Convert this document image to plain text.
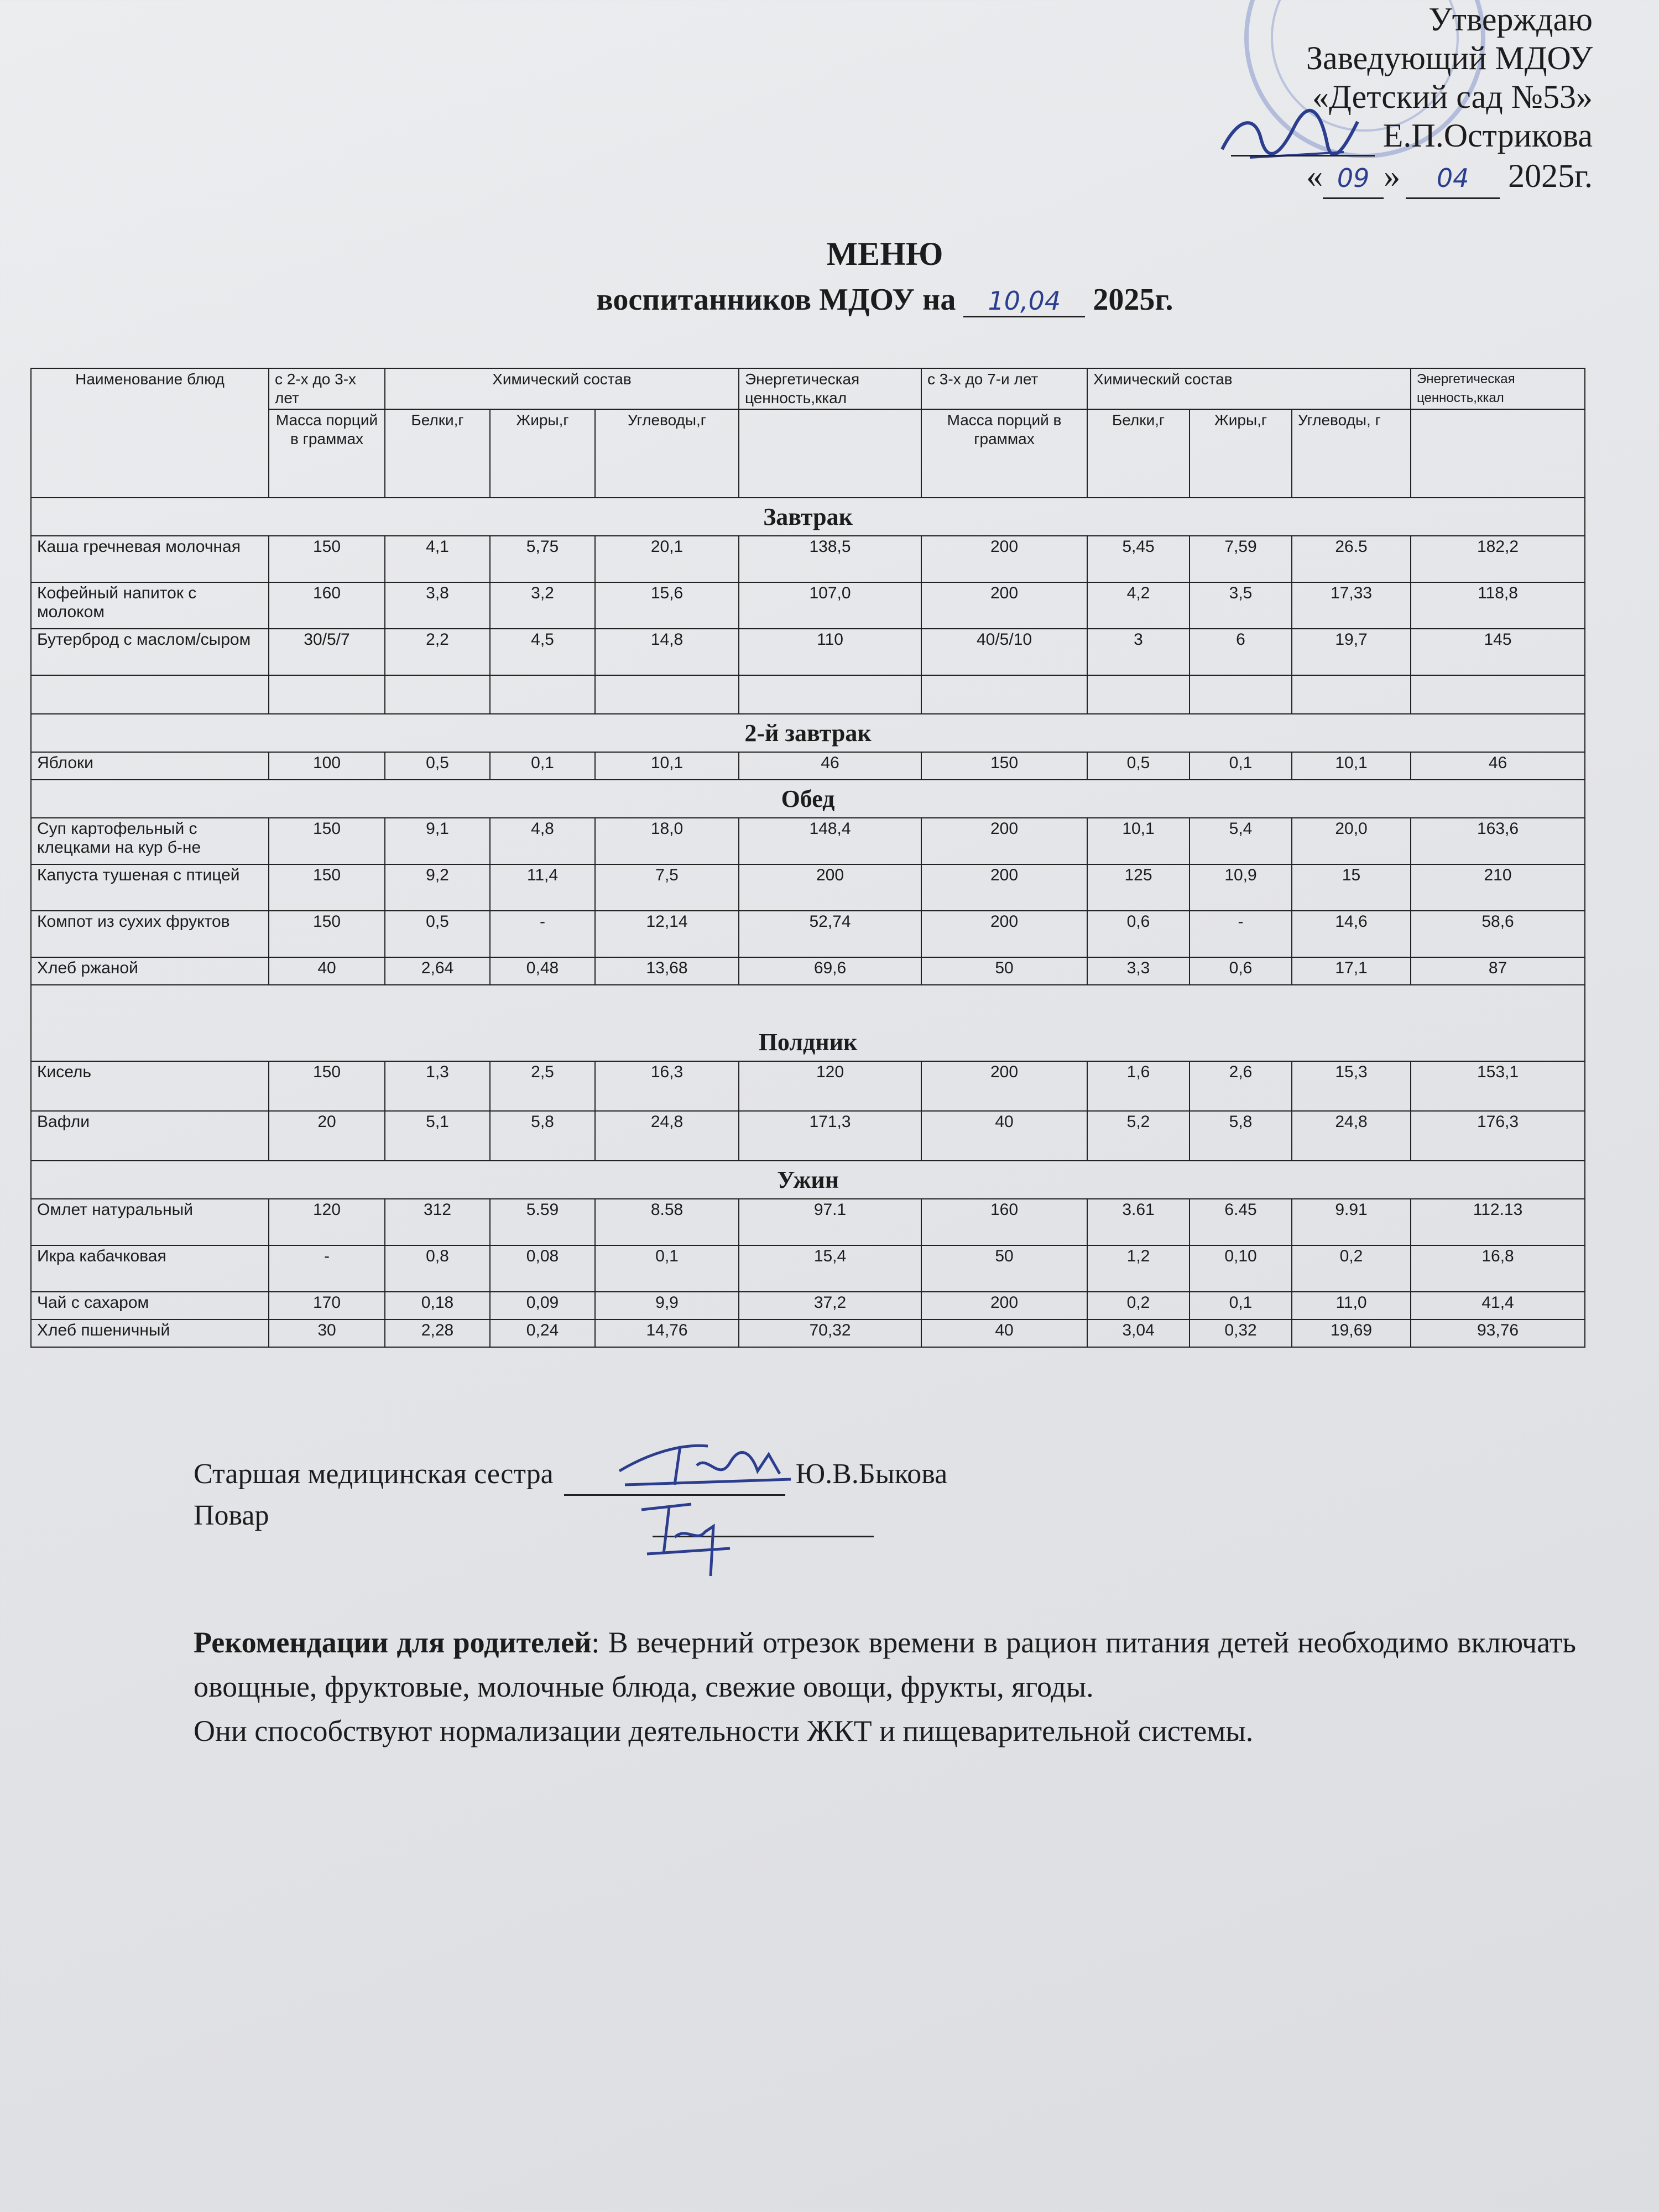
Утверждаю
Заведующий МДОУ
«Детский сад №53»
Е.П.Острикова
« 09 » 04 2025г.
МЕНЮ
воспитанников МДОУ на 10,04 2025г.
Наименование блюд	с 2-х до 3-х лет	Химический состав			Энергетическая ценность,ккал	с 3-х до 7-и лет	Химический состав			Энергетическая ценность,ккал
	Масса порций в граммах	Белки,г	Жиры,г	Углеводы,г		Масса порций в граммах	Белки,г	Жиры,г	Углеводы, г	
Завтрак										
Каша гречневая молочная	150	4,1	5,75	20,1	138,5	200	5,45	7,59	26.5	182,2
Кофейный напиток с молоком	160	3,8	3,2	15,6	107,0	200	4,2	3,5	17,33	118,8
Бутерброд с маслом/сыром	30/5/7	2,2	4,5	14,8	110	40/5/10	3	6	19,7	145

2-й завтрак										
Яблоки	100	0,5	0,1	10,1	46	150	0,5	0,1	10,1	46
Обед										
Суп картофельный с клецками на кур б-не	150	9,1	4,8	18,0	148,4	200	10,1	5,4	20,0	163,6
Капуста тушеная с птицей	150	9,2	11,4	7,5	200	200	125	10,9	15	210
Компот из сухих фруктов	150	0,5	-	12,14	52,74	200	0,6	-	14,6	58,6
Хлеб ржаной	40	2,64	0,48	13,68	69,6	50	3,3	0,6	17,1	87
Полдник										
Кисель	150	1,3	2,5	16,3	120	200	1,6	2,6	15,3	153,1
Вафли	20	5,1	5,8	24,8	171,3	40	5,2	5,8	24,8	176,3
Ужин										
Омлет натуральный	120	312	5.59	8.58	97.1	160	3.61	6.45	9.91	112.13
Икра кабачковая	-	0,8	0,08	0,1	15,4	50	1,2	0,10	0,2	16,8
Чай с сахаром	170	0,18	0,09	9,9	37,2	200	0,2	0,1	11,0	41,4
Хлеб пшеничный	30	2,28	0,24	14,76	70,32	40	3,04	0,32	19,69	93,76
Старшая медицинская сестра	Ю.В.Быкова
Повар
Рекомендации для родителей: В вечерний отрезок времени в рацион питания детей необходимо включать овощные, фруктовые, молочные блюда, свежие овощи, фрукты, ягоды.
Они способствуют нормализации деятельности ЖКТ и пищеварительной системы.
